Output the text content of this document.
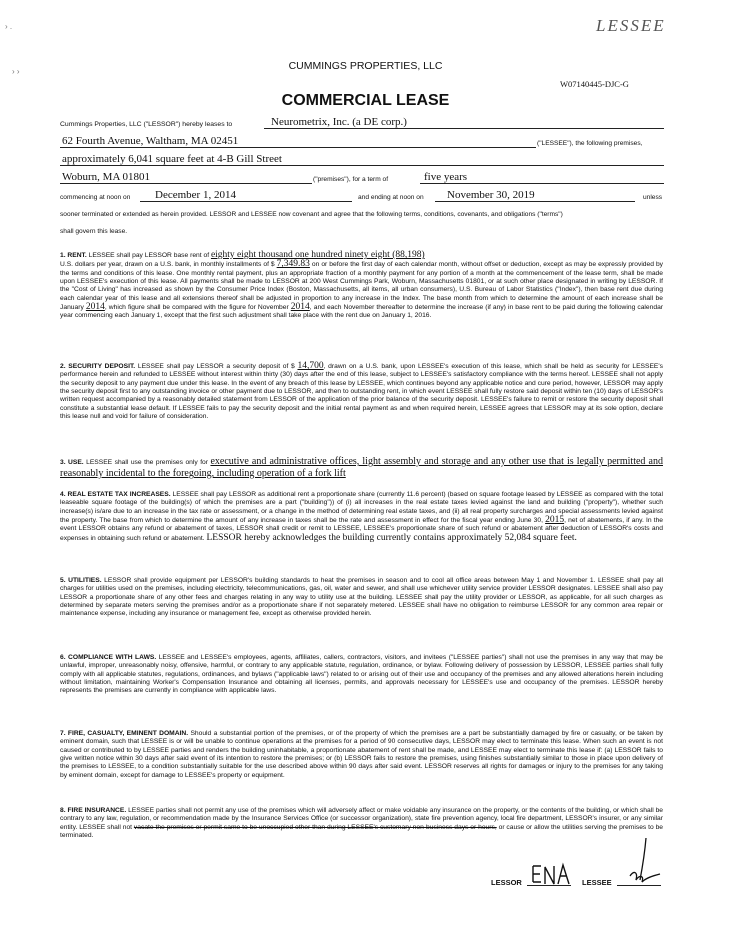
LESSEE
› .
› ›	CUMMINGS PROPERTIES, LLC
W07140445-DJC-G
COMMERCIAL LEASE
Cummings Properties, LLC ("LESSOR") hereby leases to	Neurometrix, Inc. (a DE corp.)
62 Fourth Avenue, Waltham, MA 02451	("LESSEE"), the following premises,
approximately 6,041 square feet at 4-B Gill Street
Woburn, MA 01801	("premises"), for a term of	five years
commencing at noon on December 1, 2014	and ending at noon on November 30, 2019	unless
sooner terminated or extended as herein provided. LESSOR and LESSEE now covenant and agree that the following terms, conditions, covenants, and obligations ("terms")
shall govern this lease.

1. RENT. LESSEE shall pay LESSOR base rent of eighty eight thousand one hundred ninety eight (88,198)
U.S. dollars per year, drawn on a U.S. bank, in monthly installments of $ 7,349.83 on or before the first day of each calendar month, without offset or deduction, except as may be expressly provided by the terms and conditions of this lease. One monthly rental payment, plus an appropriate fraction of a monthly payment for any portion of a month at the commencement of the lease term, shall be made upon LESSEE's execution of this lease. All payments shall be made to LESSOR at 200 West Cummings Park, Woburn, Massachusetts 01801, or at such other place designated in writing by LESSOR. If the "Cost of Living" has increased as shown by the Consumer Price Index (Boston, Massachusetts, all items, all urban consumers), U.S. Bureau of Labor Statistics ("Index"), then base rent due during each calendar year of this lease and all extensions thereof shall be adjusted in proportion to any increase in the Index. The base month from which to determine the amount of each increase shall be January 2014, which figure shall be compared with the figure for November 2014, and each November thereafter to determine the increase (if any) in base rent to be paid during the following calendar year commencing each January 1, except that the first such adjustment shall take place with the rent due on January 1, 2016.

2. SECURITY DEPOSIT. LESSEE shall pay LESSOR a security deposit of $ 14,700, drawn on a U.S. bank, upon LESSEE's execution of this lease, which shall be held as security for LESSEE's performance herein and refunded to LESSEE without interest within thirty (30) days after the end of this lease, subject to LESSEE's satisfactory compliance with the terms hereof. LESSEE shall not apply the security deposit to any payment due under this lease. In the event of any breach of this lease by LESSEE, which continues beyond any applicable notice and cure period, however, LESSOR may apply the security deposit first to any outstanding invoice or other payment due to LESSOR, and then to outstanding rent, in which event LESSEE shall fully restore said deposit within ten (10) days of LESSOR's written request accompanied by a reasonably detailed statement from LESSOR of the application of the prior balance of the security deposit. LESSEE's failure to remit or restore the security deposit shall constitute a substantial lease default. If LESSEE fails to pay the security deposit and the initial rental payment as and when required herein, LESSEE agrees that LESSOR may at its sole option, declare this lease null and void for failure of consideration.

3. USE. LESSEE shall use the premises only for executive and administrative offices, light assembly and storage and any other use that is legally permitted and reasonably incidental to the foregoing, including operation of a fork lift

4. REAL ESTATE TAX INCREASES. LESSEE shall pay LESSOR as additional rent a proportionate share (currently 11.6 percent) (based on square footage leased by LESSEE as compared with the total leaseable square footage of the building(s) of which the premises are a part ("building")) of (i) all increases in the real estate taxes levied against the land and building ("property"), whether such increase(s) is/are due to an increase in the tax rate or assessment, or a change in the method of determining real estate taxes, and (ii) all real property surcharges and special assessments levied against the property. The base from which to determine the amount of any increase in taxes shall be the rate and assessment in effect for the fiscal year ending June 30, 2015, net of abatements, if any. In the event LESSOR obtains any refund or abatement of taxes, LESSOR shall credit or remit to LESSEE, LESSEE's proportionate share of such refund or abatement after deduction of LESSOR's costs and expenses in obtaining such refund or abatement. LESSOR hereby acknowledges the building currently contains approximately 52,084 square feet.

5. UTILITIES. LESSOR shall provide equipment per LESSOR's building standards to heat the premises in season and to cool all office areas between May 1 and November 1. LESSEE shall pay all charges for utilities used on the premises, including electricity, telecommunications, gas, oil, water and sewer, and shall use whichever utility service provider LESSOR designates. LESSEE shall also pay LESSOR a proportionate share of any other fees and charges relating in any way to utility use at the building. LESSEE shall pay the utility provider or LESSOR, as applicable, for all such charges as determined by separate meters serving the premises and/or as a proportionate share if not separately metered. LESSEE shall have no obligation to reimburse LESSOR for any common area repair or maintenance expense, including any insurance or management fee, except as otherwise provided herein.

6. COMPLIANCE WITH LAWS. LESSEE and LESSEE's employees, agents, affiliates, callers, contractors, visitors, and invitees ("LESSEE parties") shall not use the premises in any way that may be unlawful, improper, unreasonably noisy, offensive, harmful, or contrary to any applicable statute, regulation, ordinance, or bylaw. Following delivery of possession by LESSOR, LESSEE parties shall fully comply with all applicable statutes, regulations, ordinances, and bylaws ("applicable laws") related to or arising out of their use and occupancy of the premises and any allowed alterations herein including without limitation, maintaining Worker's Compensation Insurance and obtaining all licenses, permits, and approvals necessary for LESSEE's use and occupancy of the premises. LESSOR hereby represents the premises are currently in compliance with applicable laws.

7. FIRE, CASUALTY, EMINENT DOMAIN. Should a substantial portion of the premises, or of the property of which the premises are a part be substantially damaged by fire or casualty, or be taken by eminent domain, such that LESSEE is or will be unable to continue operations at the premises for a period of 90 consecutive days, LESSOR may elect to terminate this lease. When such an event is not caused or contributed to by LESSEE parties and renders the building uninhabitable, a proportionate abatement of rent shall be made, and LESSEE may elect to terminate this lease if: (a) LESSOR fails to give written notice within 30 days after said event of its intention to restore the premises; or (b) LESSOR fails to restore the premises, using finishes substantially similar to those in place upon delivery of the premises to LESSEE, to a condition substantially suitable for the use described above within 90 days after said event. LESSOR reserves all rights for damages or injury to the premises for any taking by eminent domain, except for damage to LESSEE's property or equipment.

8. FIRE INSURANCE. LESSEE parties shall not permit any use of the premises which will adversely affect or make voidable any insurance on the property, or the contents of the building, or which shall be contrary to any law, regulation, or recommendation made by the Insurance Services Office (or successor organization), state fire prevention agency, local fire department, LESSOR's insurer, or any similar entity. LESSEE shall not vacate the premises or permit same to be unoccupied other than during LESSEE's customary non-business days or hours, or cause or allow the utilities serving the premises to be terminated.

LESSOR	LESSEE
